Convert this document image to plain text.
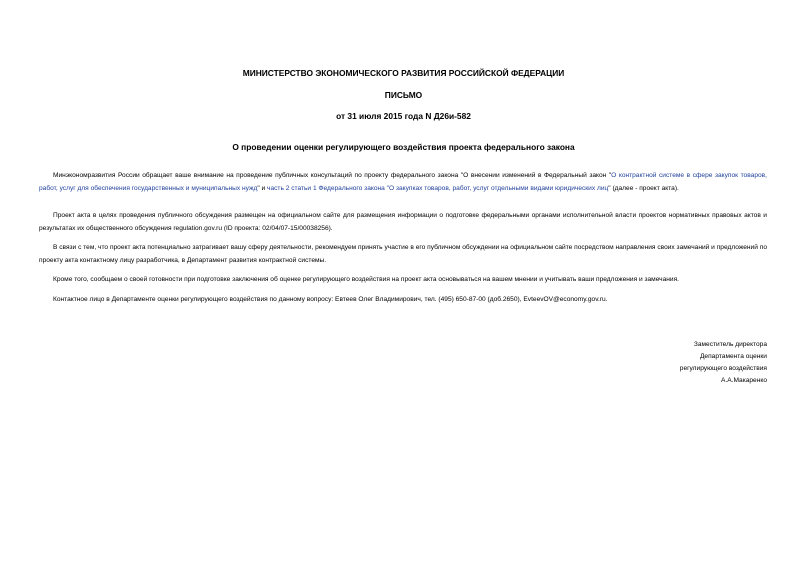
МИНИСТЕРСТВО ЭКОНОМИЧЕСКОГО РАЗВИТИЯ РОССИЙСКОЙ ФЕДЕРАЦИИ
ПИСЬМО
от 31 июля 2015 года N Д26и-582
О проведении оценки регулирующего воздействия проекта федерального закона
Минэкономразвития России обращает ваше внимание на проведение публичных консультаций по проекту федерального закона "О внесении изменений в Федеральный закон "О контрактной системе в сфере закупок товаров, работ, услуг для обеспечения государственных и муниципальных нужд" и часть 2 статьи 1 Федерального закона "О закупках товаров, работ, услуг отдельными видами юридических лиц" (далее - проект акта).
Проект акта в целях проведения публичного обсуждения размещен на официальном сайте для размещения информации о подготовке федеральными органами исполнительной власти проектов нормативных правовых актов и результатах их общественного обсуждения regulation.gov.ru (ID проекта: 02/04/07-15/00038256).
В связи с тем, что проект акта потенциально затрагивает вашу сферу деятельности, рекомендуем принять участие в его публичном обсуждении на официальном сайте посредством направления своих замечаний и предложений по проекту акта контактному лицу разработчика, в Департамент развития контрактной системы.
Кроме того, сообщаем о своей готовности при подготовке заключения об оценке регулирующего воздействия на проект акта основываться на вашем мнении и учитывать ваши предложения и замечания.
Контактное лицо в Департаменте оценки регулирующего воздействия по данному вопросу: Евтеев Олег Владимирович, тел. (495) 650-87-00 (доб.2650), EvteevOV@economy.gov.ru.
Заместитель директора
Департамента оценки
регулирующего воздействия
А.А.Макаренко
